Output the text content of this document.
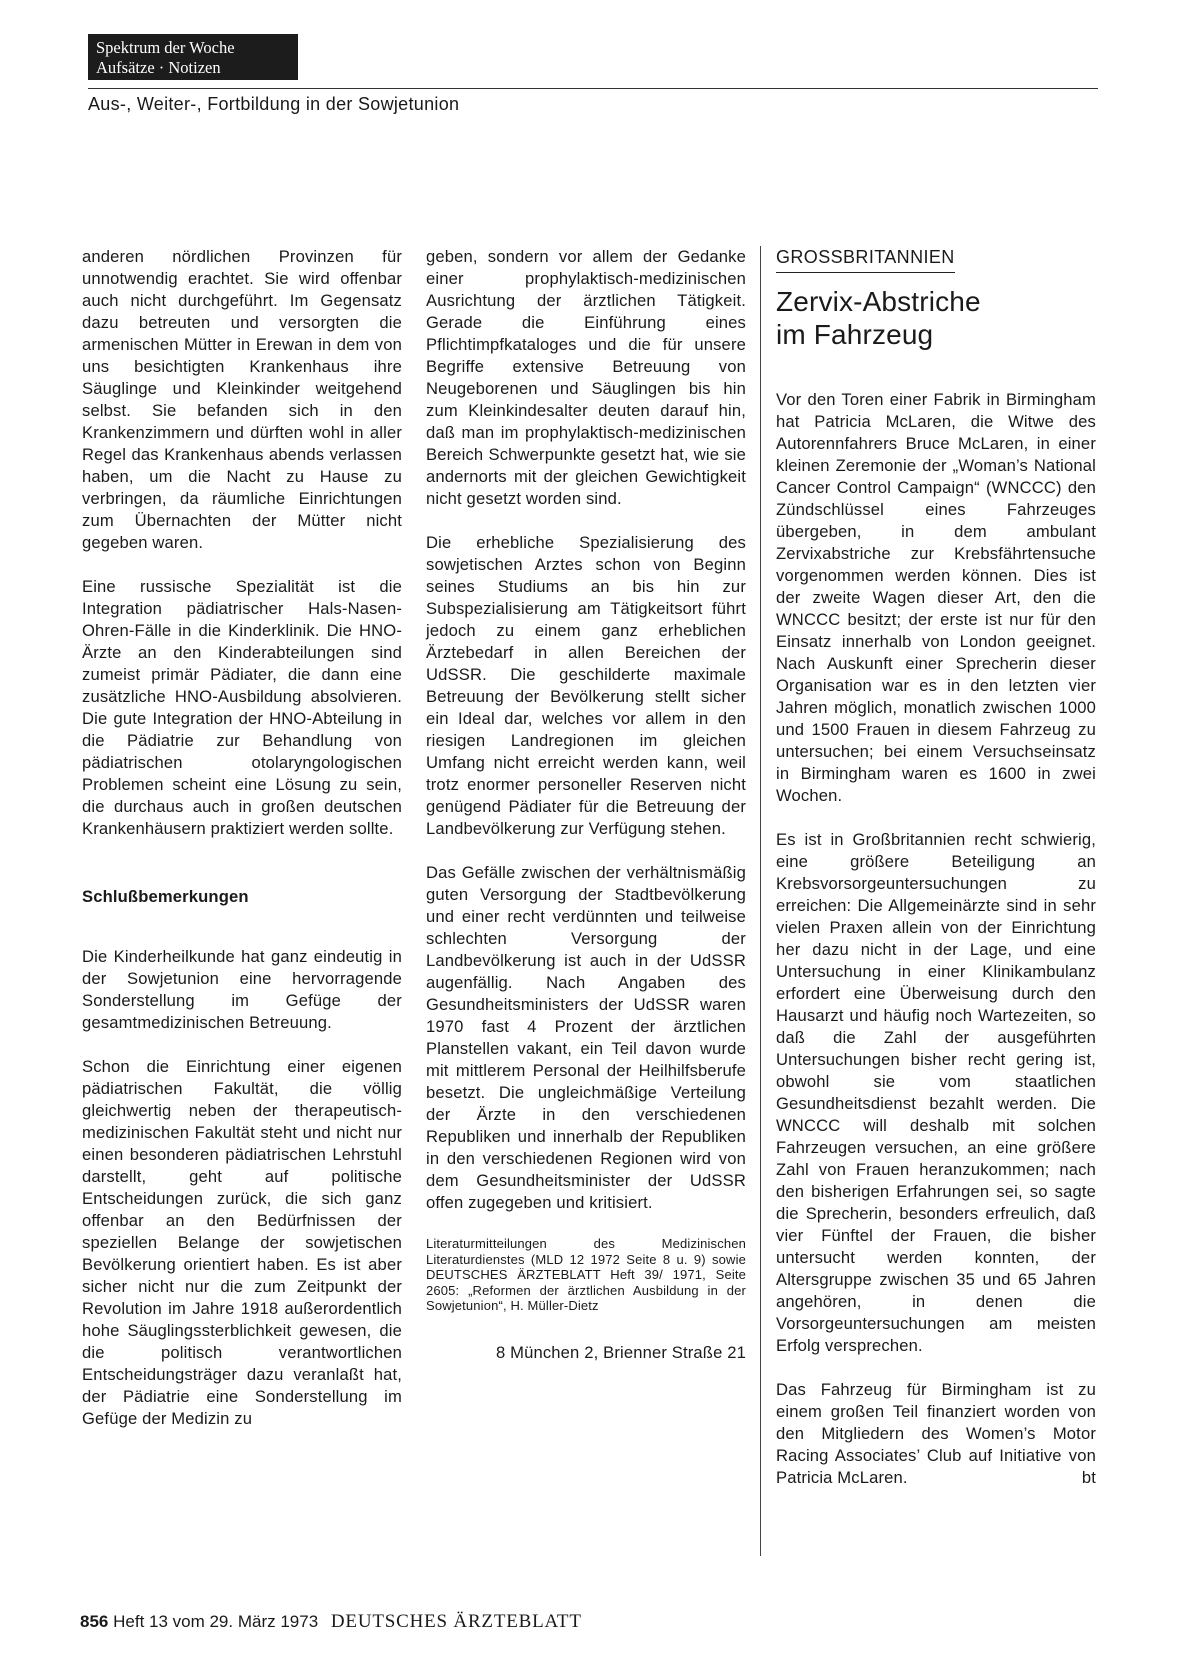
Spektrum der Woche
Aufsätze · Notizen
Aus-, Weiter-, Fortbildung in der Sowjetunion

anderen nördlichen Provinzen für unnotwendig erachtet. Sie wird offenbar auch nicht durchgeführt. Im Gegensatz dazu betreuten und versorgten die armenischen Mütter in Erewan in dem von uns besichtigten Krankenhaus ihre Säuglinge und Kleinkinder weitgehend selbst. Sie befanden sich in den Krankenzimmern und dürften wohl in aller Regel das Krankenhaus abends verlassen haben, um die Nacht zu Hause zu verbringen, da räumliche Einrichtungen zum Übernachten der Mütter nicht gegeben waren.

Eine russische Spezialität ist die Integration pädiatrischer Hals-Nasen-Ohren-Fälle in die Kinderklinik. Die HNO-Ärzte an den Kinderabteilungen sind zumeist primär Pädiater, die dann eine zusätzliche HNO-Ausbildung absolvieren. Die gute Integration der HNO-Abteilung in die Pädiatrie zur Behandlung von pädiatrischen otolaryngologischen Problemen scheint eine Lösung zu sein, die durchaus auch in großen deutschen Krankenhäusern praktiziert werden sollte.

Schlußbemerkungen

Die Kinderheilkunde hat ganz eindeutig in der Sowjetunion eine hervorragende Sonderstellung im Gefüge der gesamtmedizinischen Betreuung.

Schon die Einrichtung einer eigenen pädiatrischen Fakultät, die völlig gleichwertig neben der therapeutisch-medizinischen Fakultät steht und nicht nur einen besonderen pädiatrischen Lehrstuhl darstellt, geht auf politische Entscheidungen zurück, die sich ganz offenbar an den Bedürfnissen der speziellen Belange der sowjetischen Bevölkerung orientiert haben. Es ist aber sicher nicht nur die zum Zeitpunkt der Revolution im Jahre 1918 außerordentlich hohe Säuglingssterblichkeit gewesen, die die politisch verantwortlichen Entscheidungsträger dazu veranlaßt hat, der Pädiatrie eine Sonderstellung im Gefüge der Medizin zu

geben, sondern vor allem der Gedanke einer prophylaktisch-medizinischen Ausrichtung der ärztlichen Tätigkeit. Gerade die Einführung eines Pflichtimpfkataloges und die für unsere Begriffe extensive Betreuung von Neugeborenen und Säuglingen bis hin zum Kleinkindesalter deuten darauf hin, daß man im prophylaktisch-medizinischen Bereich Schwerpunkte gesetzt hat, wie sie andernorts mit der gleichen Gewichtigkeit nicht gesetzt worden sind.

Die erhebliche Spezialisierung des sowjetischen Arztes schon von Beginn seines Studiums an bis hin zur Subspezialisierung am Tätigkeitsort führt jedoch zu einem ganz erheblichen Ärztebedarf in allen Bereichen der UdSSR. Die geschilderte maximale Betreuung der Bevölkerung stellt sicher ein Ideal dar, welches vor allem in den riesigen Landregionen im gleichen Umfang nicht erreicht werden kann, weil trotz enormer personeller Reserven nicht genügend Pädiater für die Betreuung der Landbevölkerung zur Verfügung stehen.

Das Gefälle zwischen der verhältnismäßig guten Versorgung der Stadtbevölkerung und einer recht verdünnten und teilweise schlechten Versorgung der Landbevölkerung ist auch in der UdSSR augenfällig. Nach Angaben des Gesundheitsministers der UdSSR waren 1970 fast 4 Prozent der ärztlichen Planstellen vakant, ein Teil davon wurde mit mittlerem Personal der Heilhilfsberufe besetzt. Die ungleichmäßige Verteilung der Ärzte in den verschiedenen Republiken und innerhalb der Republiken in den verschiedenen Regionen wird von dem Gesundheitsminister der UdSSR offen zugegeben und kritisiert.

Literaturmitteilungen des Medizinischen Literaturdienstes (MLD 12 1972 Seite 8 u. 9) sowie DEUTSCHES ÄRZTEBLATT Heft 39/ 1971, Seite 2605: „Reformen der ärztlichen Ausbildung in der Sowjetunion“, H. Müller-Dietz

8 München 2, Brienner Straße 21

GROSSBRITANNIEN
Zervix-Abstriche
im Fahrzeug

Vor den Toren einer Fabrik in Birmingham hat Patricia McLaren, die Witwe des Autorennfahrers Bruce McLaren, in einer kleinen Zeremonie der „Woman’s National Cancer Control Campaign“ (WNCCC) den Zündschlüssel eines Fahrzeuges übergeben, in dem ambulant Zervixabstriche zur Krebsfährtensuche vorgenommen werden können. Dies ist der zweite Wagen dieser Art, den die WNCCC besitzt; der erste ist nur für den Einsatz innerhalb von London geeignet. Nach Auskunft einer Sprecherin dieser Organisation war es in den letzten vier Jahren möglich, monatlich zwischen 1000 und 1500 Frauen in diesem Fahrzeug zu untersuchen; bei einem Versuchseinsatz in Birmingham waren es 1600 in zwei Wochen.

Es ist in Großbritannien recht schwierig, eine größere Beteiligung an Krebsvorsorgeuntersuchungen zu erreichen: Die Allgemeinärzte sind in sehr vielen Praxen allein von der Einrichtung her dazu nicht in der Lage, und eine Untersuchung in einer Klinikambulanz erfordert eine Überweisung durch den Hausarzt und häufig noch Wartezeiten, so daß die Zahl der ausgeführten Untersuchungen bisher recht gering ist, obwohl sie vom staatlichen Gesundheitsdienst bezahlt werden. Die WNCCC will deshalb mit solchen Fahrzeugen versuchen, an eine größere Zahl von Frauen heranzukommen; nach den bisherigen Erfahrungen sei, so sagte die Sprecherin, besonders erfreulich, daß vier Fünftel der Frauen, die bisher untersucht werden konnten, der Altersgruppe zwischen 35 und 65 Jahren angehören, in denen die Vorsorgeuntersuchungen am meisten Erfolg versprechen.

Das Fahrzeug für Birmingham ist zu einem großen Teil finanziert worden von den Mitgliedern des Women’s Motor Racing Associates’ Club auf Initiative von Patricia McLaren.	bt
856 Heft 13 vom 29. März 1973 DEUTSCHES ÄRZTEBLATT
